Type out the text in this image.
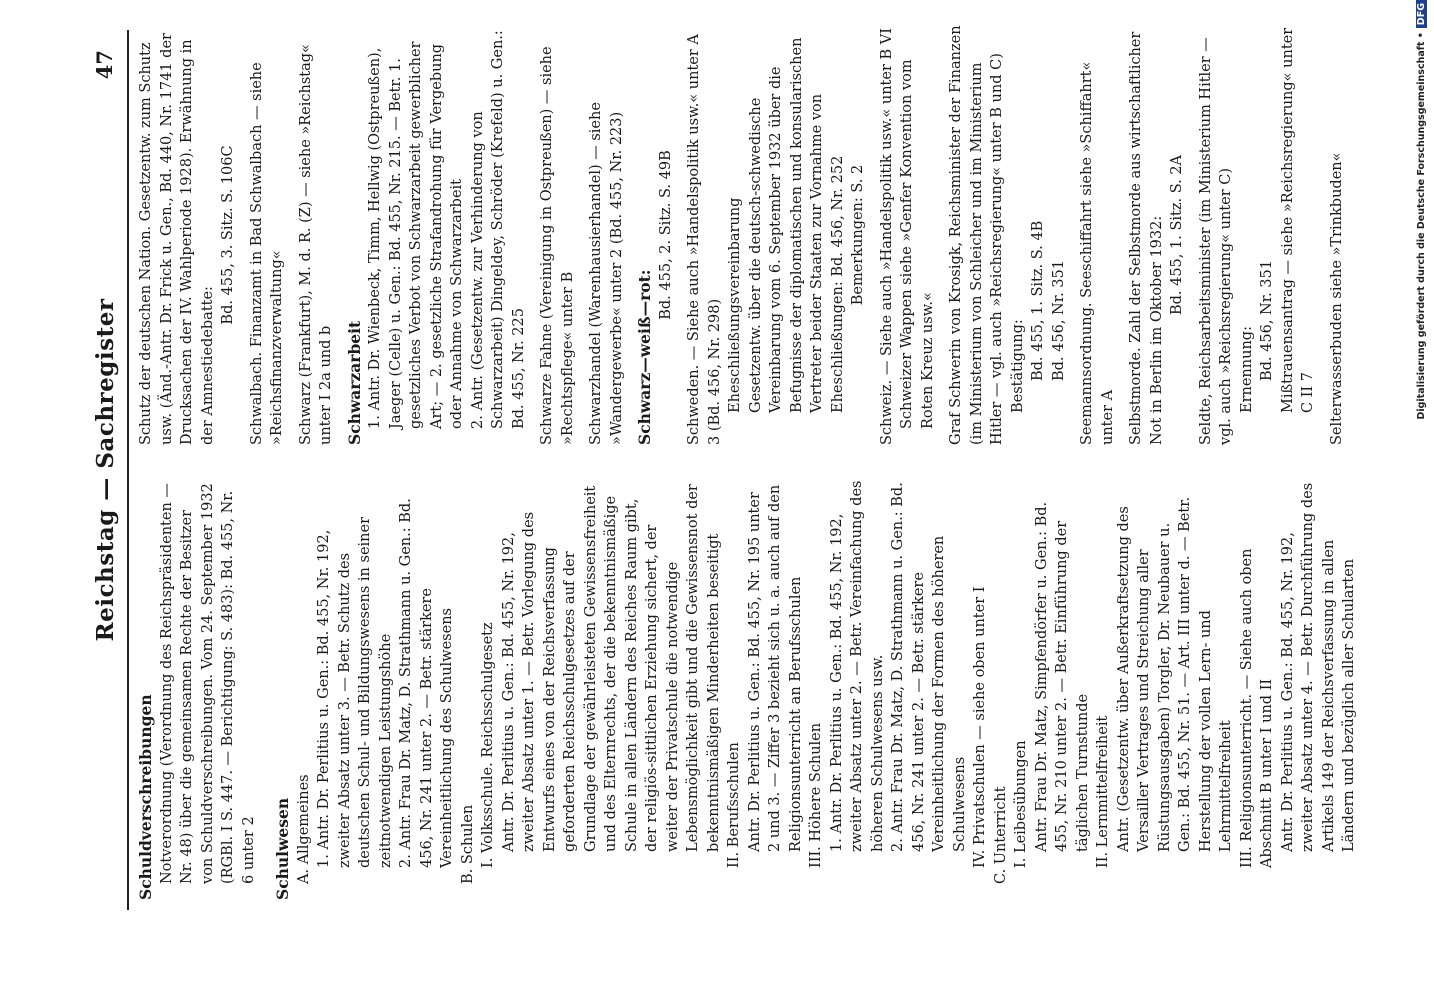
Reichstag — Sachregister
47

Schuldverschreibungen Notverordnung (Verordnung des Reichspräsidenten — Nr. 48) über die gemeinsamen Rechte der Besitzer von Schuldverschreibungen. Vom 24. September 1932 (RGBl. I S. 447. — Berichtigung: S. 483): Bd. 455, Nr. 6 unter 2 Schulwesen A. Allgemeines 1. Antr. Dr. Perlitius u. Gen.: Bd. 455, Nr. 192, zweiter Absatz unter 3. — Betr. Schutz des deutschen Schul- und Bildungswesens in seiner zeitnotwendigen Leistungshöhe 2. Antr. Frau Dr. Matz, D. Strathmann u. Gen.: Bd. 456, Nr. 241 unter 2. — Betr. stärkere Vereinheitlichung des Schulwesens B. Schulen I. Volksschule. Reichsschulgesetz Antr. Dr. Perlitius u. Gen.: Bd. 455, Nr. 192, zweiter Absatz unter 1. — Betr. Vorlegung des Entwurfs eines von der Reichsverfassung geforderten Reichsschulgesetzes auf der Grundlage der gewährleisteten Gewissensfreiheit und des Elternrechts, der die bekenntnismäßige Schule in allen Ländern des Reiches Raum gibt, der religiös-sittlichen Erziehung sichert, der weiter der Privatschule die notwendige Lebensmöglichkeit gibt und die Gewissensnot der bekenntnismäßigen Minderheiten beseitigt II. Berufsschulen Antr. Dr. Perlitius u. Gen.: Bd. 455, Nr. 195 unter 2 und 3. — Ziffer 3 bezieht sich u. a. auch auf den Religionsunterricht an Berufsschulen III. Höhere Schulen 1. Antr. Dr. Perlitius u. Gen.: Bd. 455, Nr. 192, zweiter Absatz unter 2. — Betr. Vereinfachung des höheren Schulwesens usw. 2. Antr. Frau Dr. Matz, D. Strathmann u. Gen.: Bd. 456, Nr. 241 unter 2. — Betr. stärkere Vereinheitlichung der Formen des höheren Schulwesens IV. Privatschulen — siehe oben unter I C. Unterricht I. Leibesübungen Antr. Frau Dr. Matz, Simpfendörfer u. Gen.: Bd. 455, Nr. 210 unter 2. — Betr. Einführung der täglichen Turnstunde II. Lernmittelfreiheit Antr. (Gesetzentw. über Außerkraftsetzung des Versailler Vertrages und Streichung aller Rüstungsausgaben) Torgler, Dr. Neubauer u. Gen.: Bd. 455, Nr. 51. — Art. III unter d. — Betr. Herstellung der vollen Lern- und Lehrmittelfreiheit III. Religionsunterricht. — Siehe auch oben Abschnitt B unter I und II Antr. Dr. Perlitius u. Gen.: Bd. 455, Nr. 192, zweiter Absatz unter 4. — Betr. Durchführung des Artikels 149 der Reichsverfassung in allen Ländern und bezüglich aller Schularten

Schutz der deutschen Nation. Gesetzentw. zum Schutz usw. (Änd.-Antr. Dr. Frick u. Gen., Bd. 440, Nr. 1741 der Drucksachen der IV. Wahlperiode 1928). Erwähnung in der Amnestiedebatte:

Bd. 455, 3. Sitz. S. 106C Schwalbach. Finanzamt in Bad Schwalbach — siehe »Reichsfinanzverwaltung« Schwarz (Frankfurt), M. d. R. (Z) — siehe »Reichstag« unter I 2a und b Schwarzarbeit 1. Antr. Dr. Wienbeck, Timm, Hellwig (Ostpreußen), Jaeger (Celle) u. Gen.: Bd. 455, Nr. 215. — Betr. 1. gesetzliches Verbot von Schwarzarbeit gewerblicher Art; — 2. gesetzliche Strafandrohung für Vergebung oder Annahme von Schwarzarbeit 2. Antr. (Gesetzentw. zur Verhinderung von Schwarzarbeit) Dingeldey, Schröder (Krefeld) u. Gen.: Bd. 455, Nr. 225 Schwarze Fahne (Vereinigung in Ostpreußen) — siehe »Rechtspflege« unter B Schwarzhandel (Warenhausierhandel) — siehe »Wandergewerbe« unter 2 (Bd. 455, Nr. 223) Schwarz—weiß—rot:

Bd. 455, 2. Sitz. S. 49B Schweden. — Siehe auch »Handelspolitik usw.« unter A 3 (Bd. 456, Nr. 298) Eheschließungsvereinbarung Gesetzentw. über die deutsch-schwedische Vereinbarung vom 6. September 1932 über die Befugnisse der diplomatischen und konsularischen Vertreter beider Staaten zur Vornahme von Eheschließungen: Bd. 456, Nr. 252 Bemerkungen: S. 2 Schweiz. — Siehe auch »Handelspolitik usw.« unter B VI Schweizer Wappen siehe »Genfer Konvention vom Roten Kreuz usw.« Graf Schwerin von Krosigk, Reichsminister der Finanzen (im Ministerium von Schleicher und im Ministerium Hitler — vgl. auch »Reichsregierung« unter B und C) Bestätigung: Bd. 455, 1. Sitz. S. 4B Bd. 456, Nr. 351 Seemannsordnung. Seeschiffahrt siehe »Schiffahrt« unter A Selbstmorde. Zahl der Selbstmorde aus wirtschaftlicher Not in Berlin im Oktober 1932: Bd. 455, 1. Sitz. S. 2A Seldte, Reichsarbeitsminister (im Ministerium Hitler — vgl. auch »Reichsregierung« unter C) Ernennung: Bd. 456, Nr. 351 Mißtrauensantrag — siehe »Reichsregierung« unter C II 7 Selterwasserbuden siehe »Trinkbuden«	Digitalisierung gefördert durch die Deutsche Forschungsgemeinschaft •DFG
